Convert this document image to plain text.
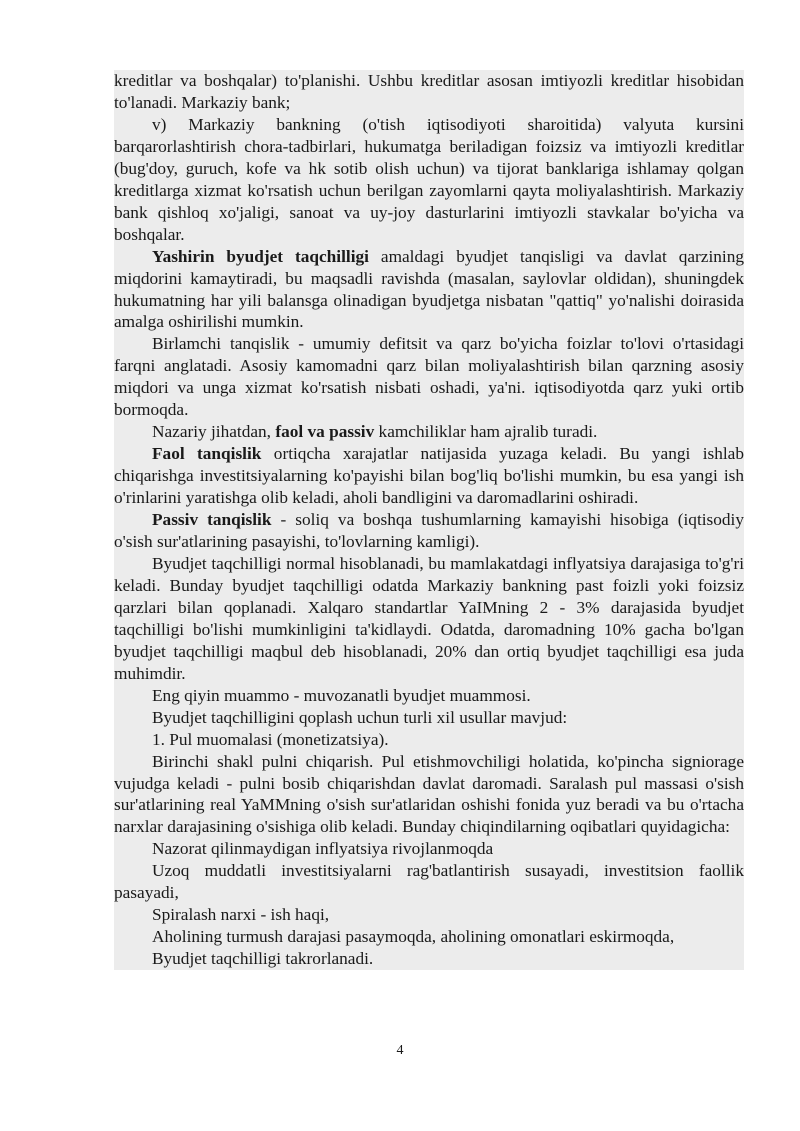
kreditlar va boshqalar) to'planishi. Ushbu kreditlar asosan imtiyozli kreditlar hisobidan to'lanadi. Markaziy bank;

v) Markaziy bankning (o'tish iqtisodiyoti sharoitida) valyuta kursini barqarorlashtirish chora-tadbirlari, hukumatga beriladigan foizsiz va imtiyozli kreditlar (bug'doy, guruch, kofe va hk sotib olish uchun) va tijorat banklariga ishlamay qolgan kreditlarga xizmat ko'rsatish uchun berilgan zayomlarni qayta moliyalashtirish. Markaziy bank qishloq xo'jaligi, sanoat va uy-joy dasturlarini imtiyozli stavkalar bo'yicha va boshqalar.

Yashirin byudjet taqchilligi amaldagi byudjet tanqisligi va davlat qarzining miqdorini kamaytiradi, bu maqsadli ravishda (masalan, saylovlar oldidan), shuningdek hukumatning har yili balansga olinadigan byudjetga nisbatan "qattiq" yo'nalishi doirasida amalga oshirilishi mumkin.

Birlamchi tanqislik - umumiy defitsit va qarz bo'yicha foizlar to'lovi o'rtasidagi farqni anglatadi. Asosiy kamomadni qarz bilan moliyalashtirish bilan qarzning asosiy miqdori va unga xizmat ko'rsatish nisbati oshadi, ya'ni. iqtisodiyotda qarz yuki ortib bormoqda.

Nazariy jihatdan, faol va passiv kamchiliklar ham ajralib turadi.

Faol tanqislik ortiqcha xarajatlar natijasida yuzaga keladi. Bu yangi ishlab chiqarishga investitsiyalarning ko'payishi bilan bog'liq bo'lishi mumkin, bu esa yangi ish o'rinlarini yaratishga olib keladi, aholi bandligini va daromadlarini oshiradi.

Passiv tanqislik - soliq va boshqa tushumlarning kamayishi hisobiga (iqtisodiy o'sish sur'atlarining pasayishi, to'lovlarning kamligi).

Byudjet taqchilligi normal hisoblanadi, bu mamlakatdagi inflyatsiya darajasiga to'g'ri keladi. Bunday byudjet taqchilligi odatda Markaziy bankning past foizli yoki foizsiz qarzlari bilan qoplanadi. Xalqaro standartlar YaIMning 2 - 3% darajasida byudjet taqchilligi bo'lishi mumkinligini ta'kidlaydi. Odatda, daromadning 10% gacha bo'lgan byudjet taqchilligi maqbul deb hisoblanadi, 20% dan ortiq byudjet taqchilligi esa juda muhimdir.

Eng qiyin muammo - muvozanatli byudjet muammosi.

Byudjet taqchilligini qoplash uchun turli xil usullar mavjud:

1. Pul muomalasi (monetizatsiya).

Birinchi shakl pulni chiqarish. Pul etishmovchiligi holatida, ko'pincha signiorage vujudga keladi - pulni bosib chiqarishdan davlat daromadi. Saralash pul massasi o'sish sur'atlarining real YaMMning o'sish sur'atlaridan oshishi fonida yuz beradi va bu o'rtacha narxlar darajasining o'sishiga olib keladi. Bunday chiqindilarning oqibatlari quyidagicha:

Nazorat qilinmaydigan inflyatsiya rivojlanmoqda

Uzoq muddatli investitsiyalarni rag'batlantirish susayadi, investitsion faollik pasayadi,

Spiralash narxi - ish haqi,

Aholining turmush darajasi pasaymoqda, aholining omonatlari eskirmoqda,

Byudjet taqchilligi takrorlanadi.

4
